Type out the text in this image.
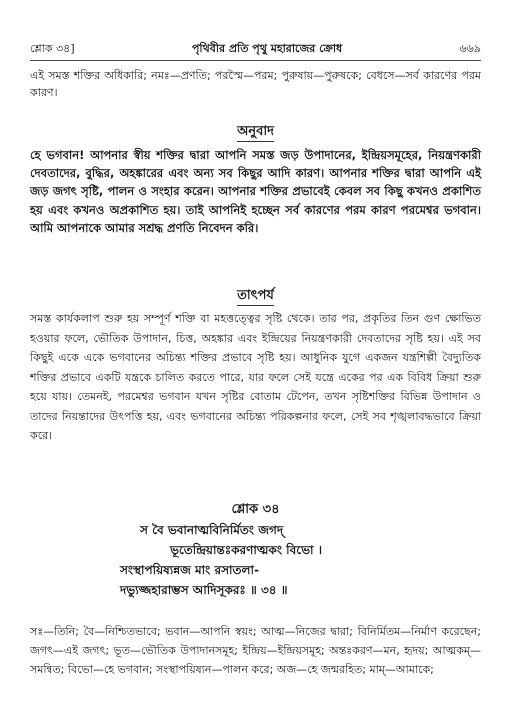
শ্লোক ৩৪]	পৃথিবীর প্রতি পৃথু মহারাজের ক্রোধ	৬৬৯
এই সমস্ত শক্তির অধিকারি; নমঃ—প্রণতি; পরস্মৈ—পরম; পুরুষায়—পুরুষকে; বেধসে—সর্ব কারণের পরম কারণ।
অনুবাদ
হে ভগবান! আপনার স্বীয় শক্তির দ্বারা আপনি সমস্ত জড় উপাদানের, ইন্দ্রিয়সমূহের, নিয়ন্ত্রণকারী দেবতাদের, বুদ্ধির, অহঙ্কারের এবং অন্য সব কিছুর আদি কারণ। আপনার শক্তির দ্বারা আপনি এই জড় জগৎ সৃষ্টি, পালন ও সংহার করেন। আপনার শক্তির প্রভাবেই কেবল সব কিছু কখনও প্রকাশিত হয় এবং কখনও অপ্রকাশিত হয়। তাই আপনিই হচ্ছেন সর্ব কারণের পরম কারণ পরমেশ্বর ভগবান। আমি আপনাকে আমার সশ্রদ্ধ প্রণতি নিবেদন করি।
তাৎপর্য
সমস্ত কার্যকলাপ শুরু হয় সম্পূর্ণ শক্তি বা মহত্তত্ত্বের সৃষ্টি থেকে। তার পর, প্রকৃতির তিন গুণ ক্ষোভিত হওয়ার ফলে, ভৌতিক উপাদান, চিত্ত, অহঙ্কার এবং ইন্দ্রিয়ের নিয়ন্ত্রণকারী দেবতাদের সৃষ্টি হয়। এই সব কিছুই একে একে ভগবানের অচিন্ত্য শক্তির প্রভাবে সৃষ্টি হয়। আধুনিক যুগে একজন যন্ত্রশিল্পী বৈদ্যুতিক শক্তির প্রভাবে একটি যন্ত্রকে চালিত করতে পারে, যার ফলে সেই যন্ত্রে একের পর এক বিবিধ ক্রিয়া শুরু হয়ে যায়। তেমনই, পরমেশ্বর ভগবান যখন সৃষ্টির বোতাম টেপেন, তখন সৃষ্টিশক্তির বিভিন্ন উপাদান ও তাদের নিয়ন্তাদের উৎপত্তি হয়, এবং ভগবানের অচিন্ত্য পরিকল্পনার ফলে, সেই সব শৃঙ্খলাবদ্ধভাবে ক্রিয়া করে।
শ্লোক ৩৪
স বৈ ভবানাত্মবিনির্মিতং জগদ্
ভূতেন্দ্রিয়ান্তঃকরণাত্মকং বিভো ।
সংস্থাপয়িষ্যন্নজ মাং রসাতলা-
দভ্যুজ্জহারাম্ভস আদিসূকরঃ ॥ ৩৪ ॥
সঃ—তিনি; বৈ—নিশ্চিতভাবে; ভবান—আপনি স্বয়ং; আত্ম—নিজের দ্বারা; বিনির্মিতম—নির্মাণ করেছেন; জগৎ—এই জগৎ; ভূত—ভৌতিক উপাদানসমূহ; ইন্দ্রিয়—ইন্দ্রিয়সমূহ; অন্তঃকরণ—মন, হৃদয়; আত্মকম্—সমন্বিত; বিভো—হে ভগবান; সংস্থাপয়িষ্যন—পালন করে; অজ—হে জন্মরহিত; মাম্—আমাকে;
